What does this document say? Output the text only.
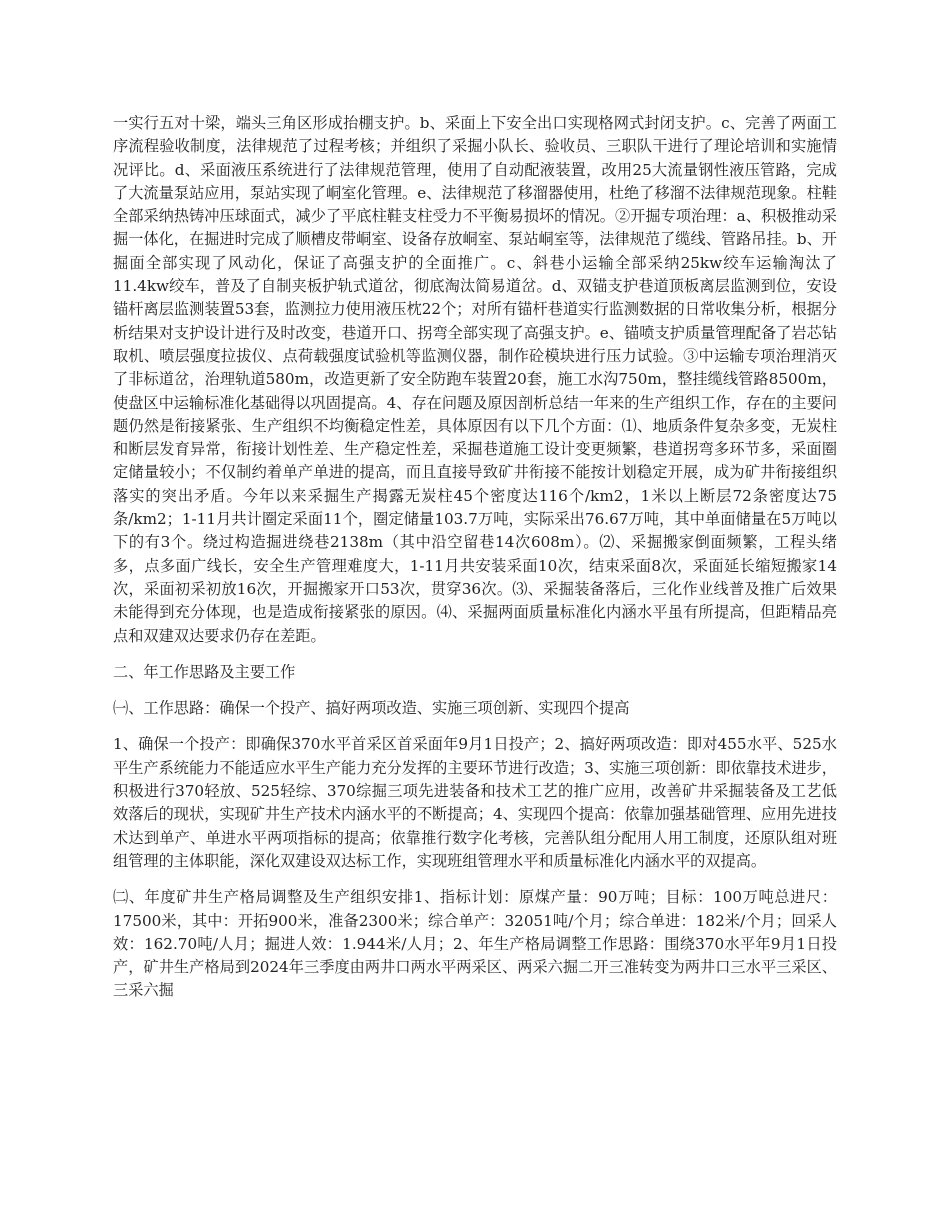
一实行五对十梁，端头三角区形成抬棚支护。b、采面上下安全出口实现格网式封闭支护。c、完善了两面工序流程验收制度，法律规范了过程考核；并组织了采掘小队长、验收员、三职队干进行了理论培训和实施情况评比。d、采面液压系统进行了法律规范管理，使用了自动配液装置，改用25大流量钢性液压管路，完成了大流量泵站应用，泵站实现了峒室化管理。e、法律规范了移溜器使用，杜绝了移溜不法律规范现象。柱鞋全部采纳热铸冲压球面式，减少了平底柱鞋支柱受力不平衡易损坏的情况。②开掘专项治理：a、积极推动采掘一体化，在掘进时完成了顺槽皮带峒室、设备存放峒室、泵站峒室等，法律规范了缆线、管路吊挂。b、开掘面全部实现了风动化，保证了高强支护的全面推广。c、斜巷小运输全部采纳25kw绞车运输淘汰了11.4kw绞车，普及了自制夹板护轨式道岔，彻底淘汰简易道岔。d、双锚支护巷道顶板离层监测到位，安设锚杆离层监测装置53套，监测拉力使用液压枕22个；对所有锚杆巷道实行监测数据的日常收集分析，根据分析结果对支护设计进行及时改变，巷道开口、拐弯全部实现了高强支护。e、锚喷支护质量管理配备了岩芯钻取机、喷层强度拉拔仪、点荷载强度试验机等监测仪器，制作砼模块进行压力试验。③中运输专项治理消灭了非标道岔，治理轨道580m，改造更新了安全防跑车装置20套，施工水沟750m，整挂缆线管路8500m，使盘区中运输标准化基础得以巩固提高。4、存在问题及原因剖析总结一年来的生产组织工作，存在的主要问题仍然是衔接紧张、生产组织不均衡稳定性差，具体原因有以下几个方面：⑴、地质条件复杂多变，无炭柱和断层发育异常，衔接计划性差、生产稳定性差，采掘巷道施工设计变更频繁，巷道拐弯多环节多，采面圈定储量较小；不仅制约着单产单进的提高，而且直接导致矿井衔接不能按计划稳定开展，成为矿井衔接组织落实的突出矛盾。今年以来采掘生产揭露无炭柱45个密度达116个/km2，1米以上断层72条密度达75条/km2；1-11月共计圈定采面11个，圈定储量103.7万吨，实际采出76.67万吨，其中单面储量在5万吨以下的有3个。绕过构造掘进绕巷2138m（其中沿空留巷14次608m）。⑵、采掘搬家倒面频繁，工程头绪多，点多面广线长，安全生产管理难度大，1-11月共安装采面10次，结束采面8次，采面延长缩短搬家14次，采面初采初放16次，开掘搬家开口53次，贯穿36次。⑶、采掘装备落后，三化作业线普及推广后效果未能得到充分体现，也是造成衔接紧张的原因。⑷、采掘两面质量标准化内涵水平虽有所提高，但距精品亮点和双建双达要求仍存在差距。

二、年工作思路及主要工作

㈠、工作思路：确保一个投产、搞好两项改造、实施三项创新、实现四个提高

1、确保一个投产：即确保370水平首采区首采面年9月1日投产；2、搞好两项改造：即对455水平、525水平生产系统能力不能适应水平生产能力充分发挥的主要环节进行改造；3、实施三项创新：即依靠技术进步，积极进行370轻放、525轻综、370综掘三项先进装备和技术工艺的推广应用，改善矿井采掘装备及工艺低效落后的现状，实现矿井生产技术内涵水平的不断提高；4、实现四个提高：依靠加强基础管理、应用先进技术达到单产、单进水平两项指标的提高；依靠推行数字化考核，完善队组分配用人用工制度，还原队组对班组管理的主体职能，深化双建设双达标工作，实现班组管理水平和质量标准化内涵水平的双提高。

㈡、年度矿井生产格局调整及生产组织安排1、指标计划：原煤产量：90万吨；目标：100万吨总进尺：17500米，其中：开拓900米，准备2300米；综合单产：32051吨/个月；综合单进：182米/个月；回采人效：162.70吨/人月；掘进人效：1.944米/人月；2、年生产格局调整工作思路：围绕370水平年9月1日投产，矿井生产格局到2024年三季度由两井口两水平两采区、两采六掘二开三准转变为两井口三水平三采区、三采六掘
